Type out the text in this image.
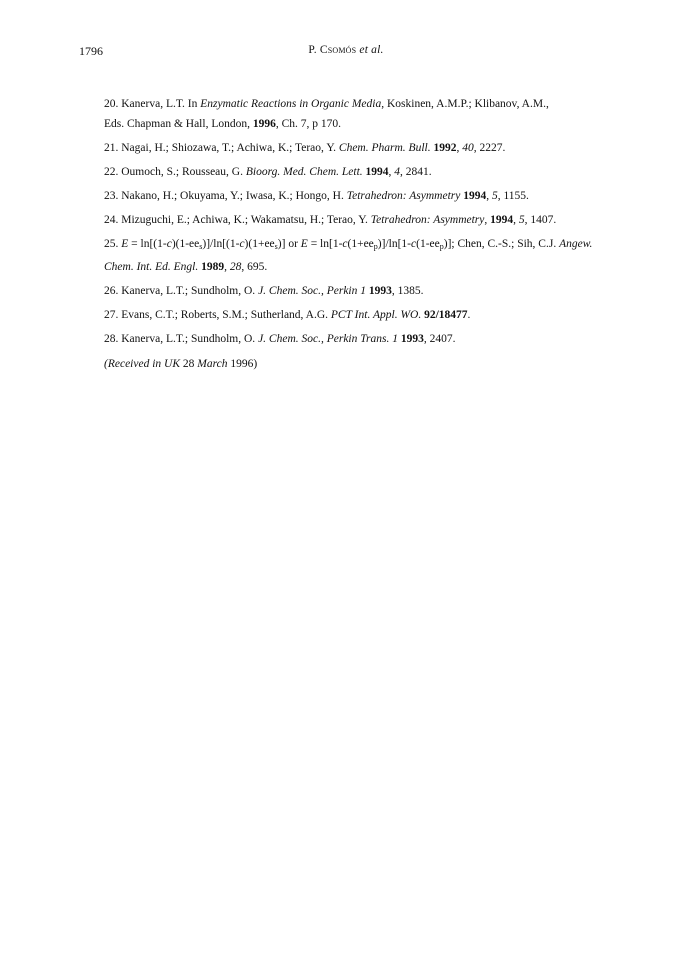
1796	P. Csomós et al.
20. Kanerva, L.T. In Enzymatic Reactions in Organic Media, Koskinen, A.M.P.; Klibanov, A.M.,
Eds. Chapman & Hall, London, 1996, Ch. 7, p 170.
21. Nagai, H.; Shiozawa, T.; Achiwa, K.; Terao, Y. Chem. Pharm. Bull. 1992, 40, 2227.
22. Oumoch, S.; Rousseau, G. Bioorg. Med. Chem. Lett. 1994, 4, 2841.
23. Nakano, H.; Okuyama, Y.; Iwasa, K.; Hongo, H. Tetrahedron: Asymmetry 1994, 5, 1155.
24. Mizuguchi, E.; Achiwa, K.; Wakamatsu, H.; Terao, Y. Tetrahedron: Asymmetry, 1994, 5, 1407.
25. $E = \ln[(1-c)(1-ee_s)]/\ln[(1-c)(1+ee_s)]$ or $E = \ln[1-c(1+ee_p)]/\ln[1-c(1-ee_p)]$; Chen, C.-S.; Sih, C.J. Angew.
Chem. Int. Ed. Engl. 1989, 28, 695.
26. Kanerva, L.T.; Sundholm, O. J. Chem. Soc., Perkin 1 1993, 1385.
27. Evans, C.T.; Roberts, S.M.; Sutherland, A.G. PCT Int. Appl. WO. 92/18477.
28. Kanerva, L.T.; Sundholm, O. J. Chem. Soc., Perkin Trans. 1 1993, 2407.
(Received in UK 28 March 1996)
